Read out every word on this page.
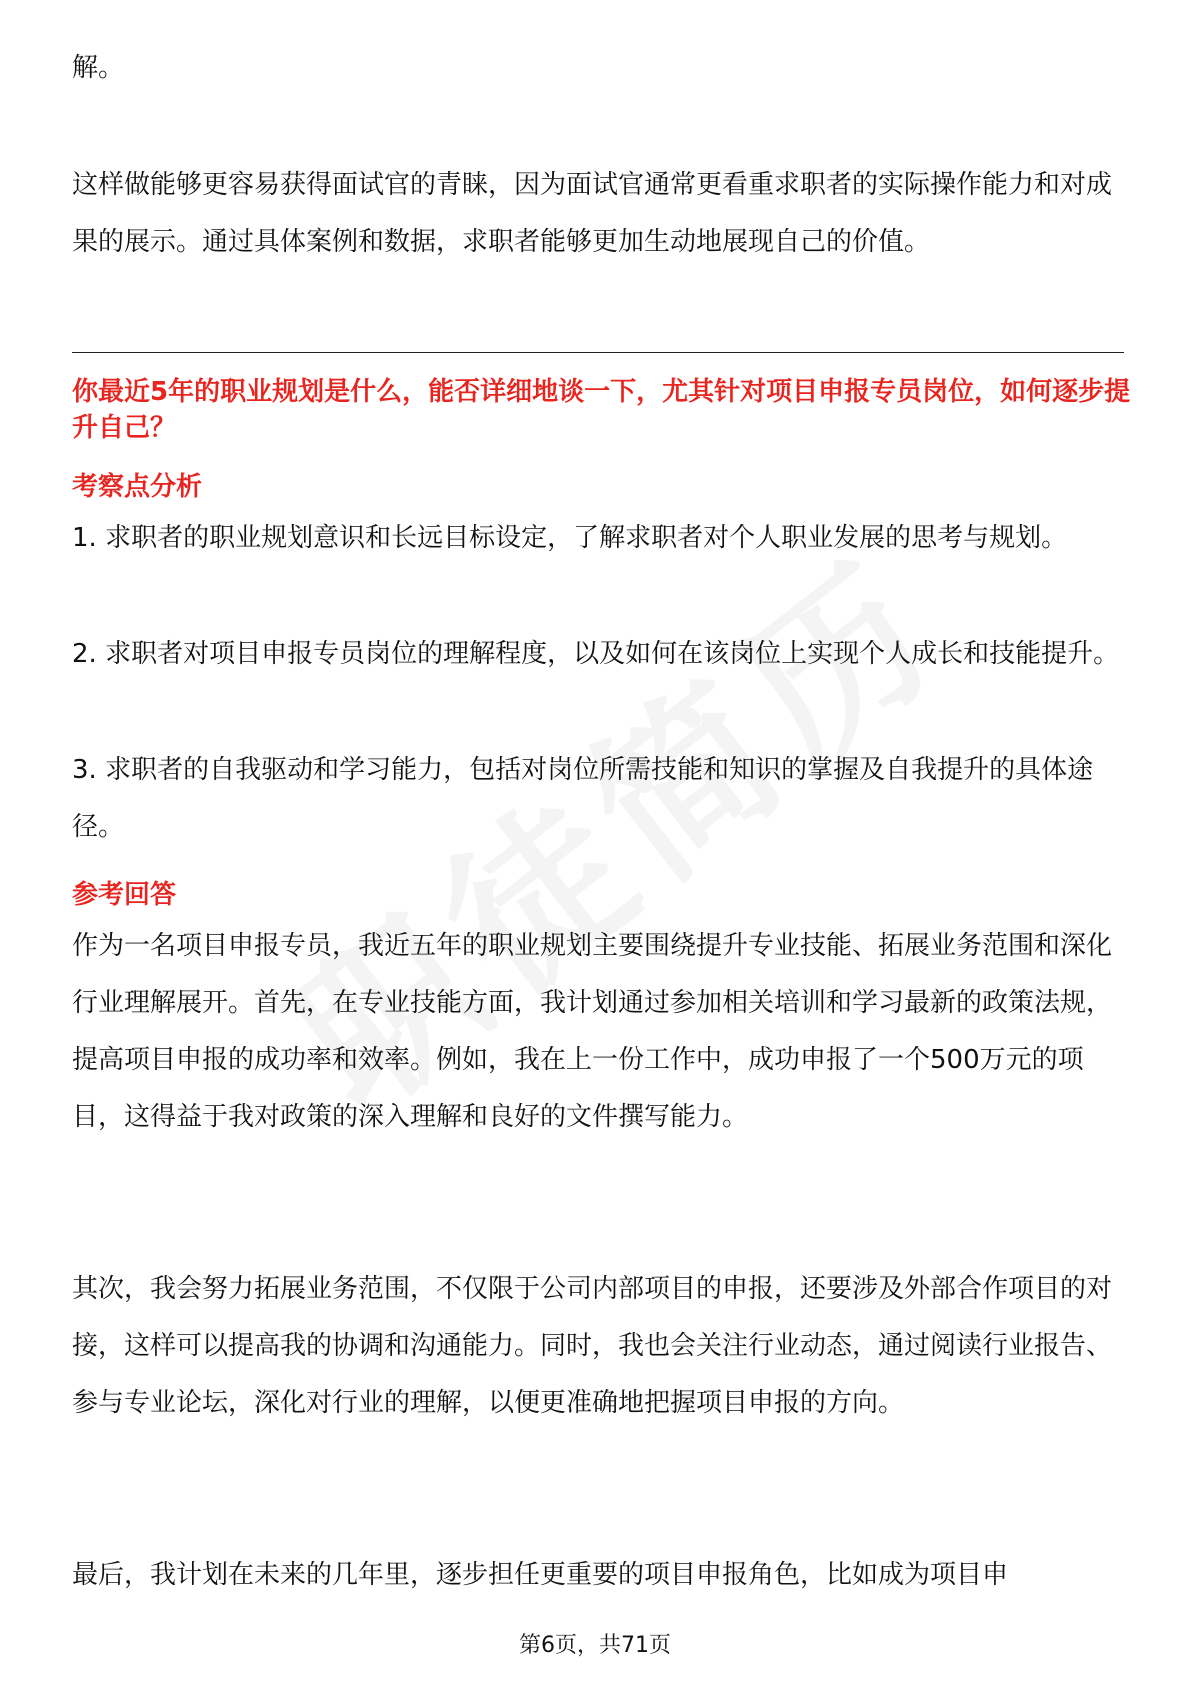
解。

这样做能够更容易获得面试官的青睐，因为面试官通常更看重求职者的实际操作能力和对成果的展示。通过具体案例和数据，求职者能够更加生动地展现自己的价值。

你最近5年的职业规划是什么，能否详细地谈一下，尤其针对项目申报专员岗位，如何逐步提升自己？

考察点分析

1. 求职者的职业规划意识和长远目标设定，了解求职者对个人职业发展的思考与规划。

2. 求职者对项目申报专员岗位的理解程度，以及如何在该岗位上实现个人成长和技能提升。

3. 求职者的自我驱动和学习能力，包括对岗位所需技能和知识的掌握及自我提升的具体途径。

参考回答

作为一名项目申报专员，我近五年的职业规划主要围绕提升专业技能、拓展业务范围和深化行业理解展开。首先，在专业技能方面，我计划通过参加相关培训和学习最新的政策法规，提高项目申报的成功率和效率。例如，我在上一份工作中，成功申报了一个500万元的项目，这得益于我对政策的深入理解和良好的文件撰写能力。

其次，我会努力拓展业务范围，不仅限于公司内部项目的申报，还要涉及外部合作项目的对接，这样可以提高我的协调和沟通能力。同时，我也会关注行业动态，通过阅读行业报告、参与专业论坛，深化对行业的理解，以便更准确地把握项目申报的方向。

最后，我计划在未来的几年里，逐步担任更重要的项目申报角色，比如成为项目申

第6页，共71页
